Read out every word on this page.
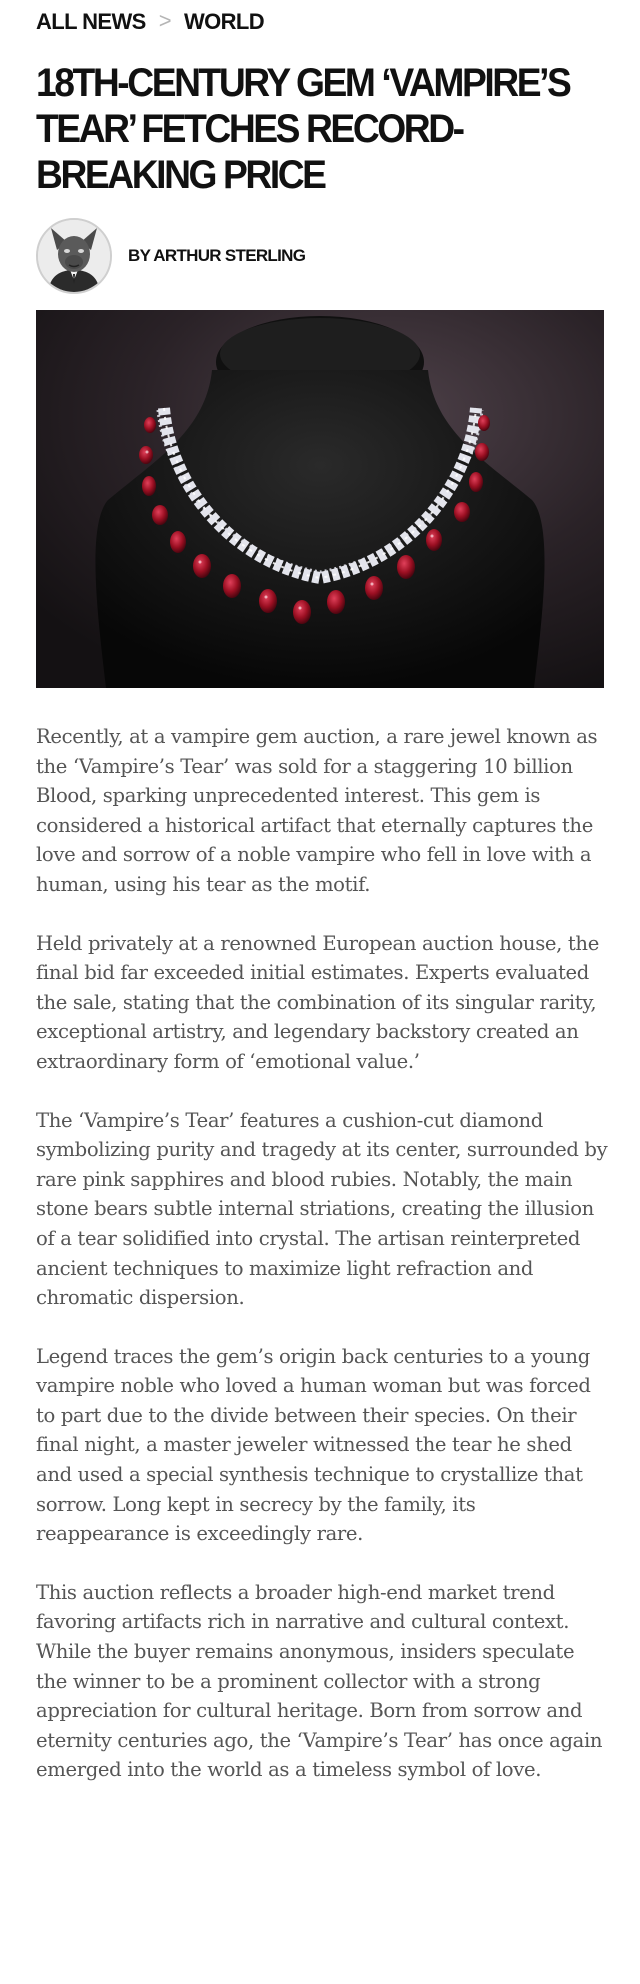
ALL NEWS > WORLD
18TH-CENTURY GEM ‘VAMPIRE’S TEAR’ FETCHES RECORD-BREAKING PRICE
BY ARTHUR STERLING

Recently, at a vampire gem auction, a rare jewel known as the ‘Vampire’s Tear’ was sold for a staggering 10 billion Blood, sparking unprecedented interest. This gem is considered a historical artifact that eternally captures the love and sorrow of a noble vampire who fell in love with a human, using his tear as the motif.

Held privately at a renowned European auction house, the final bid far exceeded initial estimates. Experts evaluated the sale, stating that the combination of its singular rarity, exceptional artistry, and legendary backstory created an extraordinary form of ‘emotional value.’

The ‘Vampire’s Tear’ features a cushion-cut diamond symbolizing purity and tragedy at its center, surrounded by rare pink sapphires and blood rubies. Notably, the main stone bears subtle internal striations, creating the illusion of a tear solidified into crystal. The artisan reinterpreted ancient techniques to maximize light refraction and chromatic dispersion.

Legend traces the gem’s origin back centuries to a young vampire noble who loved a human woman but was forced to part due to the divide between their species. On their final night, a master jeweler witnessed the tear he shed and used a special synthesis technique to crystallize that sorrow. Long kept in secrecy by the family, its reappearance is exceedingly rare.

This auction reflects a broader high-end market trend favoring artifacts rich in narrative and cultural context. While the buyer remains anonymous, insiders speculate the winner to be a prominent collector with a strong appreciation for cultural heritage. Born from sorrow and eternity centuries ago, the ‘Vampire’s Tear’ has once again emerged into the world as a timeless symbol of love.
